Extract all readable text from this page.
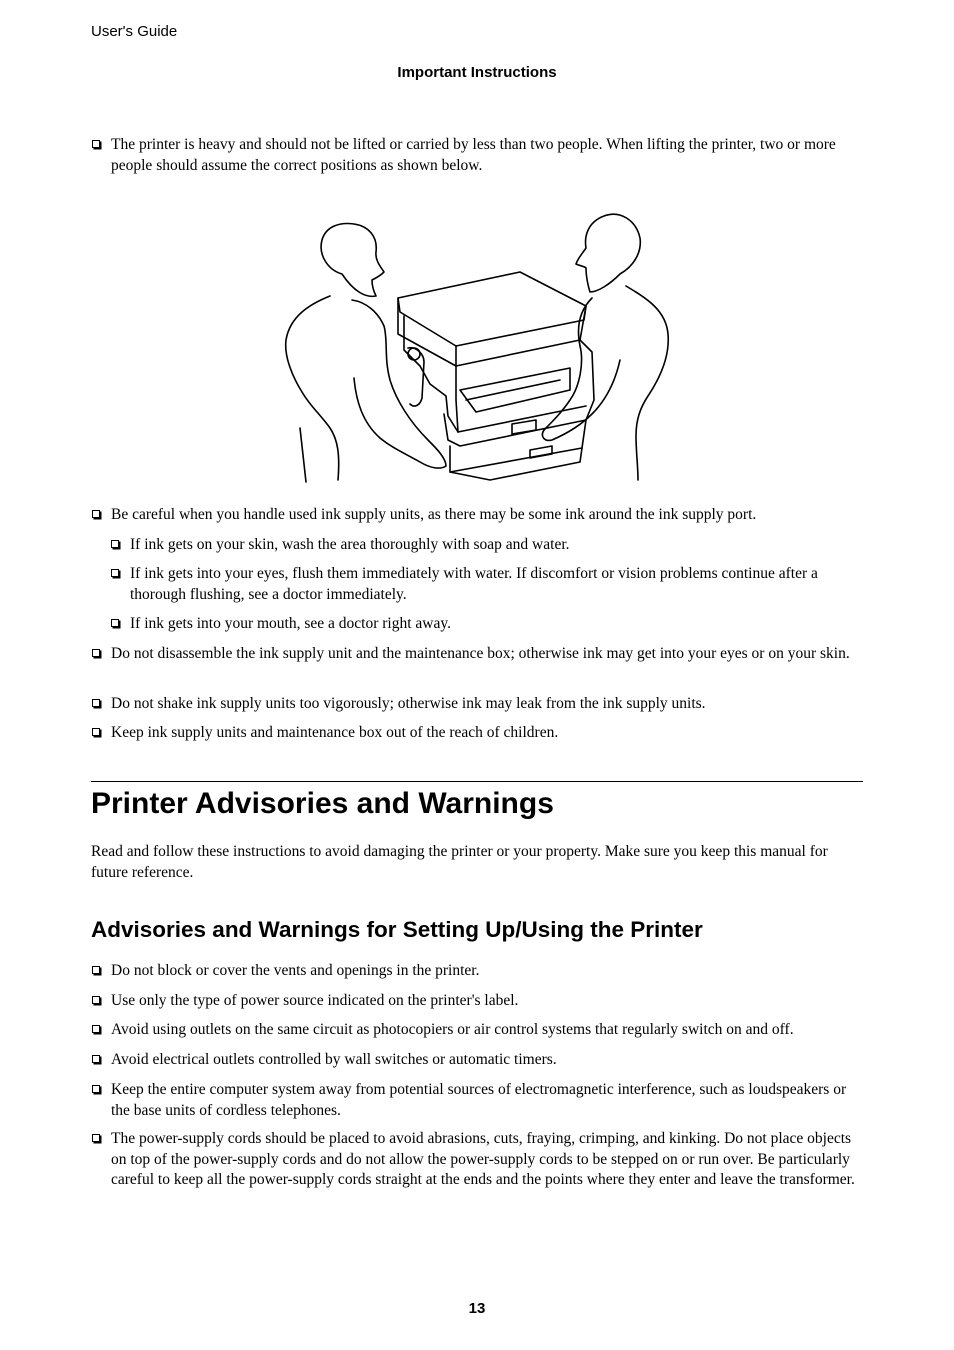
User's Guide
Important Instructions
The printer is heavy and should not be lifted or carried by less than two people. When lifting the printer, two or more people should assume the correct positions as shown below.
Be careful when you handle used ink supply units, as there may be some ink around the ink supply port.
If ink gets on your skin, wash the area thoroughly with soap and water.
If ink gets into your eyes, flush them immediately with water. If discomfort or vision problems continue after a thorough flushing, see a doctor immediately.
If ink gets into your mouth, see a doctor right away.
Do not disassemble the ink supply unit and the maintenance box; otherwise ink may get into your eyes or on your skin.
Do not shake ink supply units too vigorously; otherwise ink may leak from the ink supply units.
Keep ink supply units and maintenance box out of the reach of children.
Printer Advisories and Warnings
Read and follow these instructions to avoid damaging the printer or your property. Make sure you keep this manual for future reference.
Advisories and Warnings for Setting Up/Using the Printer
Do not block or cover the vents and openings in the printer.
Use only the type of power source indicated on the printer's label.
Avoid using outlets on the same circuit as photocopiers or air control systems that regularly switch on and off.
Avoid electrical outlets controlled by wall switches or automatic timers.
Keep the entire computer system away from potential sources of electromagnetic interference, such as loudspeakers or the base units of cordless telephones.
The power-supply cords should be placed to avoid abrasions, cuts, fraying, crimping, and kinking. Do not place objects on top of the power-supply cords and do not allow the power-supply cords to be stepped on or run over. Be particularly careful to keep all the power-supply cords straight at the ends and the points where they enter and leave the transformer.
13
